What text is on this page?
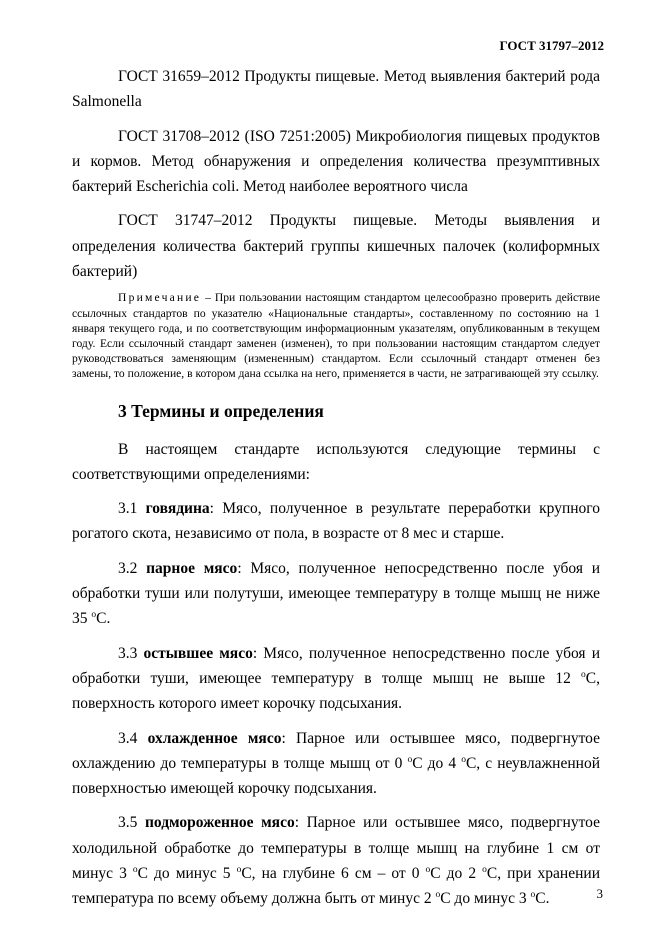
ГОСТ 31797–2012

ГОСТ 31659–2012 Продукты пищевые. Метод выявления бактерий рода Salmonella

ГОСТ 31708–2012 (ISO 7251:2005) Микробиология пищевых продуктов и кормов. Метод обнаружения и определения количества презумптивных бактерий Escherichia coli. Метод наиболее вероятного числа

ГОСТ 31747–2012 Продукты пищевые. Методы выявления и определения количества бактерий группы кишечных палочек (колиформных бактерий)

Примечание – При пользовании настоящим стандартом целесообразно проверить действие ссылочных стандартов по указателю «Национальные стандарты», составленному по состоянию на 1 января текущего года, и по соответствующим информационным указателям, опубликованным в текущем году. Если ссылочный стандарт заменен (изменен), то при пользовании настоящим стандартом следует руководствоваться заменяющим (измененным) стандартом. Если ссылочный стандарт отменен без замены, то положение, в котором дана ссылка на него, применяется в части, не затрагивающей эту ссылку.

3 Термины и определения

В настоящем стандарте используются следующие термины с соответствующими определениями:

3.1 говядина: Мясо, полученное в результате переработки крупного рогатого скота, независимо от пола, в возрасте от 8 мес и старше.

3.2 парное мясо: Мясо, полученное непосредственно после убоя и обработки туши или полутуши, имеющее температуру в толще мышц не ниже 35 $^o$С.

3.3 остывшее мясо: Мясо, полученное непосредственно после убоя и обработки туши, имеющее температуру в толще мышц не выше 12 $^o$С, поверхность которого имеет корочку подсыхания.

3.4 охлажденное мясо: Парное или остывшее мясо, подвергнутое охлаждению до температуры в толще мышц от 0 $^o$С до 4 $^o$С, с неувлажненной поверхностью имеющей корочку подсыхания.

3.5 подмороженное мясо: Парное или остывшее мясо, подвергнутое холодильной обработке до температуры в толще мышц на глубине 1 см от минус 3 $^o$С до минус 5 $^o$С, на глубине 6 см – от 0 $^o$С до 2 $^o$С, при хранении температура по всему объему должна быть от минус 2 $^o$С до минус 3 $^o$С.	3
